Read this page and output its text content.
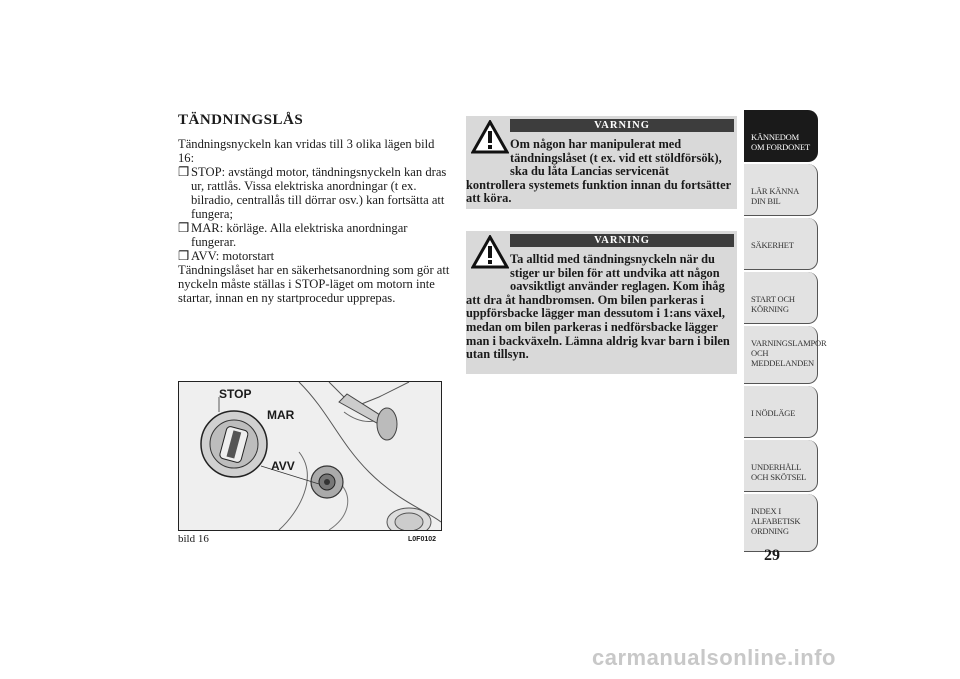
TÄNDNINGSLÅS

Tändningsnyckeln kan vridas till 3 olika lägen bild 16:

❒ STOP: avstängd motor, tändningsnyckeln kan dras ur, rattlås. Vissa elektriska anordningar (t ex. bilradio, centrallås till dörrar osv.) kan fortsätta att fungera;

❒ MAR: körläge. Alla elektriska anordningar fungerar.

❒ AVV: motorstart

Tändningslåset har en säkerhetsanordning som gör att nyckeln måste ställas i STOP-läget om motorn inte startar, innan en ny startprocedur upprepas.

STOP
MAR
AVV
bild 16	L0F0102
VARNING
Om någon har manipulerat med tändningslåset (t ex. vid ett stöldförsök), ska du låta Lancias servicenät kontrollera systemets funktion innan du fortsätter att köra.
VARNING
Ta alltid med tändningsnyckeln när du stiger ur bilen för att undvika att någon oavsiktligt använder reglagen. Kom ihåg att dra åt handbromsen. Om bilen parkeras i uppförsbacke lägger man dessutom i 1:ans växel, medan om bilen parkeras i nedförsbacke lägger man i backväxeln. Lämna aldrig kvar barn i bilen utan tillsyn.
KÄNNEDOM OM FORDONET
LÄR KÄNNA DIN BIL
SÄKERHET
START OCH KÖRNING
VARNINGSLAMPOR OCH MEDDELANDEN
I NÖDLÄGE
UNDERHÅLL OCH SKÖTSEL
INDEX I ALFABETISK ORDNING
29
carmanualsonline.info
